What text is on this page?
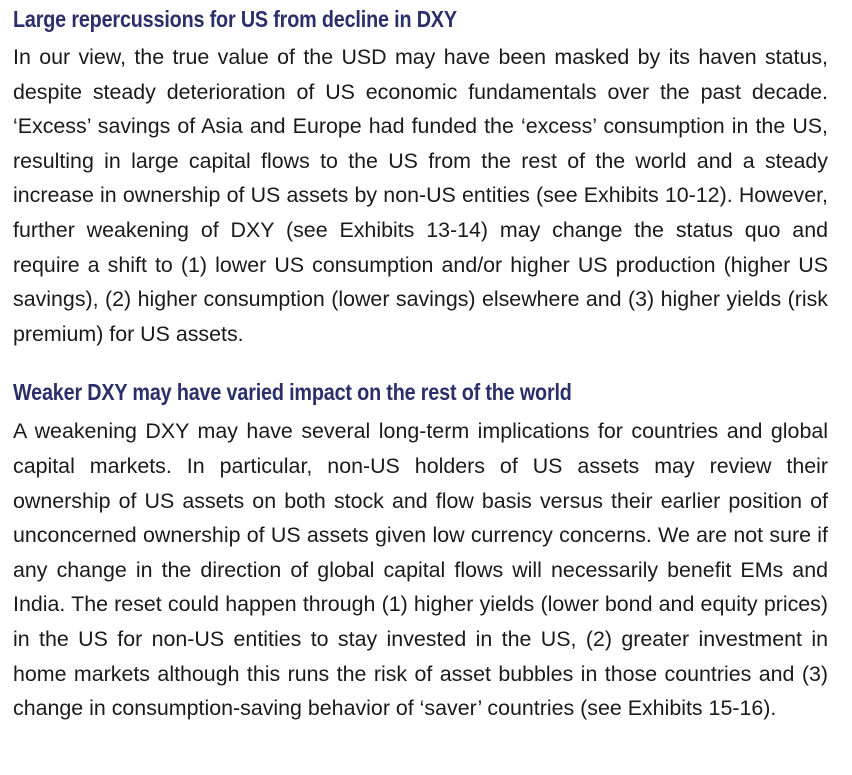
Large repercussions for US from decline in DXY

In our view, the true value of the USD may have been masked by its haven status, despite steady deterioration of US economic fundamentals over the past decade. ‘Excess’ savings of Asia and Europe had funded the ‘excess’ consumption in the US, resulting in large capital flows to the US from the rest of the world and a steady increase in ownership of US assets by non-US entities (see Exhibits 10-12). However, further weakening of DXY (see Exhibits 13-14) may change the status quo and require a shift to (1) lower US consumption and/or higher US production (higher US savings), (2) higher consumption (lower savings) elsewhere and (3) higher yields (risk premium) for US assets.

Weaker DXY may have varied impact on the rest of the world

A weakening DXY may have several long-term implications for countries and global capital markets. In particular, non-US holders of US assets may review their ownership of US assets on both stock and flow basis versus their earlier position of unconcerned ownership of US assets given low currency concerns. We are not sure if any change in the direction of global capital flows will necessarily benefit EMs and India. The reset could happen through (1) higher yields (lower bond and equity prices) in the US for non-US entities to stay invested in the US, (2) greater investment in home markets although this runs the risk of asset bubbles in those countries and (3) change in consumption-saving behavior of ‘saver’ countries (see Exhibits 15-16).
